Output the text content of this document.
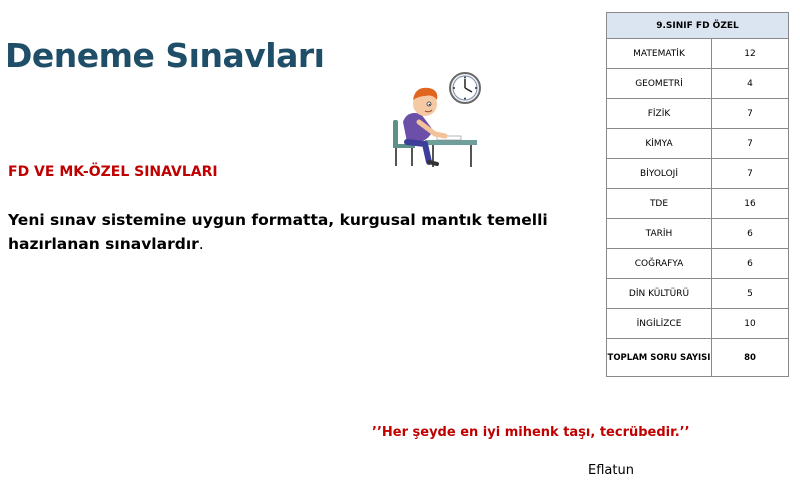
Deneme Sınavları
FD VE MK-ÖZEL SINAVLARI
Yeni sınav sistemine uygun formatta, kurgusal mantık temelli hazırlanan sınavlardır.
9.SINIF FD ÖZEL	
MATEMATİK	12
GEOMETRİ	4
FİZİK	7
KİMYA	7
BİYOLOJİ	7
TDE	16
TARİH	6
COĞRAFYA	6
DİN KÜLTÜRÜ	5
İNGİLİZCE	10
TOPLAM SORU SAYISI	80
’’Her şeyde en iyi mihenk taşı, tecrübedir.’’
Eflatun
